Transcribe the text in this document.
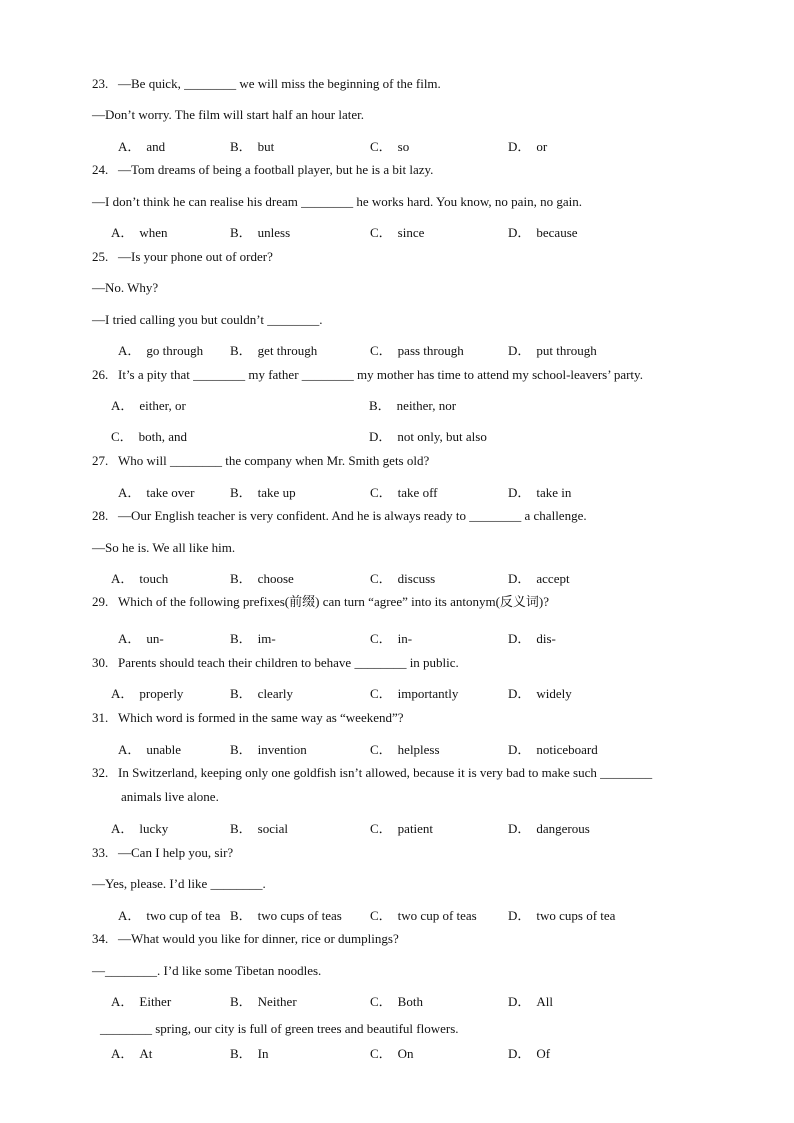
23. —Be quick, ________ we will miss the beginning of the film.
—Don’t worry. The film will start half an hour later.
A． and	B． but	C． so	D． or
24. —Tom dreams of being a football player, but he is a bit lazy.
—I don’t think he can realise his dream ________ he works hard. You know, no pain, no gain.
A． when	B． unless	C． since	D． because
25. —Is your phone out of order?
—No. Why?
—I tried calling you but couldn’t ________.
A． go through B． get through	C． pass through	D． put through
26. It’s a pity that ________ my father ________ my mother has time to attend my school-leavers’ party.
A． either, or	B． neither, nor
C． both, and	D． not only, but also
27. Who will ________ the company when Mr. Smith gets old?
A． take over	B． take up	C． take off	D． take in
28. —Our English teacher is very confident. And he is always ready to ________ a challenge.
—So he is. We all like him.
A． touch	B． choose	C． discuss	D． accept
29. Which of the following prefixes(前缀) can turn “agree” into its antonym(反义词)?
A． un-	B． im-	C． in-	D． dis-
30. Parents should teach their children to behave ________ in public.
A． properly	B． clearly	C． importantly	D． widely
31. Which word is formed in the same way as “weekend”?
A． unable	B． invention	C． helpless	D． noticeboard
32. In Switzerland, keeping only one goldfish isn’t allowed, because it is very bad to make such ________
animals live alone.
A． lucky	B． social	C． patient	D． dangerous
33. —Can I help you, sir?
—Yes, please. I’d like ________.
A． two cup of tea B． two cups of teas C． two cup of teas D． two cups of tea
34. —What would you like for dinner, rice or dumplings?
—________. I’d like some Tibetan noodles.
A． Either	B． Neither	C． Both	D． All
________ spring, our city is full of green trees and beautiful flowers.
A． At	B． In	C． On	D． Of
